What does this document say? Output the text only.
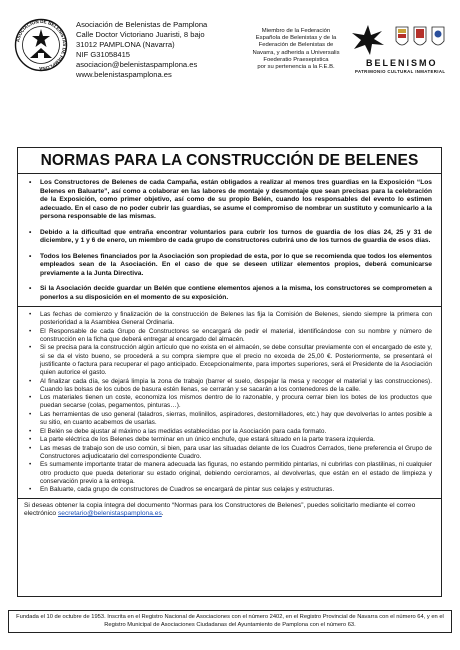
ASOCIACIÓN DE BELENISTAS DE PAMPLONA
Asociación de Belenistas de Pamplona
Calle Doctor Victoriano Juaristi, 8 bajo
31012 PAMPLONA (Navarra)
NIF G31058415
asociacion@belenistaspamplona.es
www.belenistaspamplona.es
Miembro de la Federación
Española de Belenistas y de la
Federación de Belenistas de
Navarra, y adherida a Universalis
Foederatio Praesepistica
por su pertenencia a la F.E.B.	BELENISMO
PATRIMONIO CULTURAL INMATERIAL
NORMAS PARA LA CONSTRUCCIÓN DE BELENES
• Los Constructores de Belenes de cada Campaña, están obligados a realizar al menos tres guardias en la Exposición “Los Belenes en Baluarte”, así como a colaborar en las labores de montaje y desmontaje que sean precisas para la celebración de la Exposición, como primer objetivo, así como de su propio Belén, cuando los responsables del evento lo estimen adecuado. En el caso de no poder cubrir las guardias, se asume el compromiso de nombrar un sustituto y comunicarlo a la persona responsable de las mismas.
• Debido a la dificultad que entraña encontrar voluntarios para cubrir los turnos de guardia de los días 24, 25 y 31 de diciembre, y 1 y 6 de enero, un miembro de cada grupo de constructores cubrirá uno de los turnos de guardia de esos días.
• Todos los Belenes financiados por la Asociación son propiedad de esta, por lo que se recomienda que todos los elementos empleados sean de la Asociación. En el caso de que se deseen utilizar elementos propios, deberá comunicarse previamente a la Junta Directiva.
• Si la Asociación decide guardar un Belén que contiene elementos ajenos a la misma, los constructores se comprometen a ponerlos a su disposición en el momento de su exposición.
• Las fechas de comienzo y finalización de la construcción de Belenes las fija la Comisión de Belenes, siendo siempre la primera con posterioridad a la Asamblea General Ordinaria.
• El Responsable de cada Grupo de Constructores se encargará de pedir el material, identificándose con su nombre y número de construcción en la ficha que deberá entregar al encargado del almacén.
• Si se precisa para la construcción algún artículo que no exista en el almacén, se debe consultar previamente con el encargado de este y, si se da el visto bueno, se procederá a su compra siempre que el precio no exceda de 25,00 €. Posteriormente, se presentará el justificante o factura para recuperar el pago anticipado. Excepcionalmente, para importes superiores, será el Presidente de la Asociación quien autorice el gasto.
• Al finalizar cada día, se dejará limpia la zona de trabajo (barrer el suelo, despejar la mesa y recoger el material y las construcciones). Cuando las bolsas de los cubos de basura estén llenas, se cerrarán y se sacarán a los contenedores de la calle.
• Los materiales tienen un coste, economiza los mismos dentro de lo razonable, y procura cerrar bien los botes de los productos que puedan secarse (colas, pegamentos, pinturas…).
• Las herramientas de uso general (taladros, sierras, molinillos, aspiradores, destornilladores, etc.) hay que devolverlas lo antes posible a su sitio, en cuanto acabemos de usarlas.
• El Belén se debe ajustar al máximo a las medidas establecidas por la Asociación para cada formato.
• La parte eléctrica de los Belenes debe terminar en un único enchufe, que estará situado en la parte trasera izquierda.
• Las mesas de trabajo son de uso común, si bien, para usar las situadas delante de los Cuadros Cerrados, tiene preferencia el Grupo de Constructores adjudicatario del correspondiente Cuadro.
• Es sumamente importante tratar de manera adecuada las figuras, no estando permitido pintarlas, ni cubrirlas con plastilinas, ni cualquier otro producto que pueda deteriorar su estado original, debiendo cerciorarnos, al devolverlas, que están en el estado de limpieza y conservación previo a la entrega.
• En Baluarte, cada grupo de constructores de Cuadros se encargará de pintar sus celajes y estructuras.
Si deseas obtener la copia íntegra del documento “Normas para los Constructores de Belenes”, puedes solicitarlo mediante el correo electrónico secretario@belenistaspamplona.es.
Fundada el 10 de octubre de 1953. Inscrita en el Registro Nacional de Asociaciones con el número 2402, en el Registro Provincial de Navarra con el número 64, y en el Registro Municipal de Asociaciones Ciudadanas del Ayuntamiento de Pamplona con el número 63.
